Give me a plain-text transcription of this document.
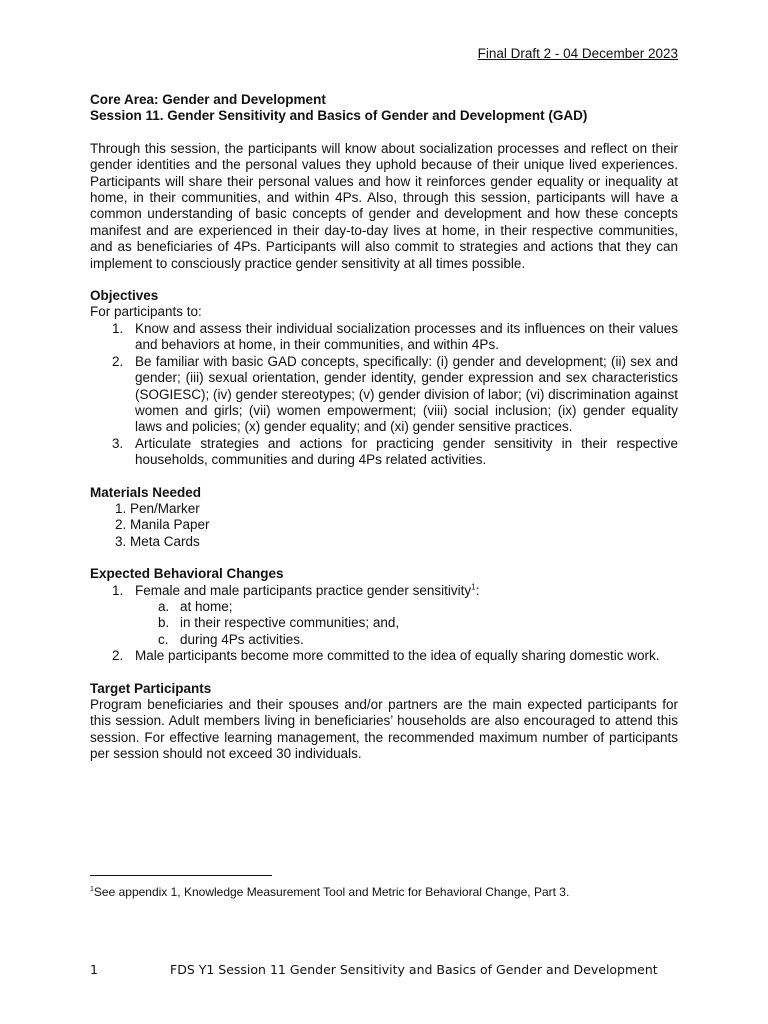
Final Draft 2 - 04 December 2023

Core Area: Gender and Development

Session 11. Gender Sensitivity and Basics of Gender and Development (GAD)

Through this session, the participants will know about socialization processes and reflect on their gender identities and the personal values they uphold because of their unique lived experiences. Participants will share their personal values and how it reinforces gender equality or inequality at home, in their communities, and within 4Ps. Also, through this session, participants will have a common understanding of basic concepts of gender and development and how these concepts manifest and are experienced in their day-to-day lives at home, in their respective communities, and as beneficiaries of 4Ps. Participants will also commit to strategies and actions that they can implement to consciously practice gender sensitivity at all times possible.

Objectives

For participants to:

1. Know and assess their individual socialization processes and its influences on their values and behaviors at home, in their communities, and within 4Ps.
2. Be familiar with basic GAD concepts, specifically: (i) gender and development; (ii) sex and gender; (iii) sexual orientation, gender identity, gender expression and sex characteristics (SOGIESC); (iv) gender stereotypes; (v) gender division of labor; (vi) discrimination against women and girls; (vii) women empowerment; (viii) social inclusion; (ix) gender equality laws and policies; (x) gender equality; and (xi) gender sensitive practices.
3. Articulate strategies and actions for practicing gender sensitivity in their respective households, communities and during 4Ps related activities.

Materials Needed

1. Pen/Marker
2. Manila Paper
3. Meta Cards

Expected Behavioral Changes

1. Female and male participants practice gender sensitivity$^1$:
a. at home;
b. in their respective communities; and,
c. during 4Ps activities.
2. Male participants become more committed to the idea of equally sharing domestic work.

Target Participants

Program beneficiaries and their spouses and/or partners are the main expected participants for this session. Adult members living in beneficiaries’ households are also encouraged to attend this session. For effective learning management, the recommended maximum number of participants per session should not exceed 30 individuals.

$^1$See appendix 1, Knowledge Measurement Tool and Metric for Behavioral Change, Part 3.
1	FDS Y1 Session 11 Gender Sensitivity and Basics of Gender and Development
